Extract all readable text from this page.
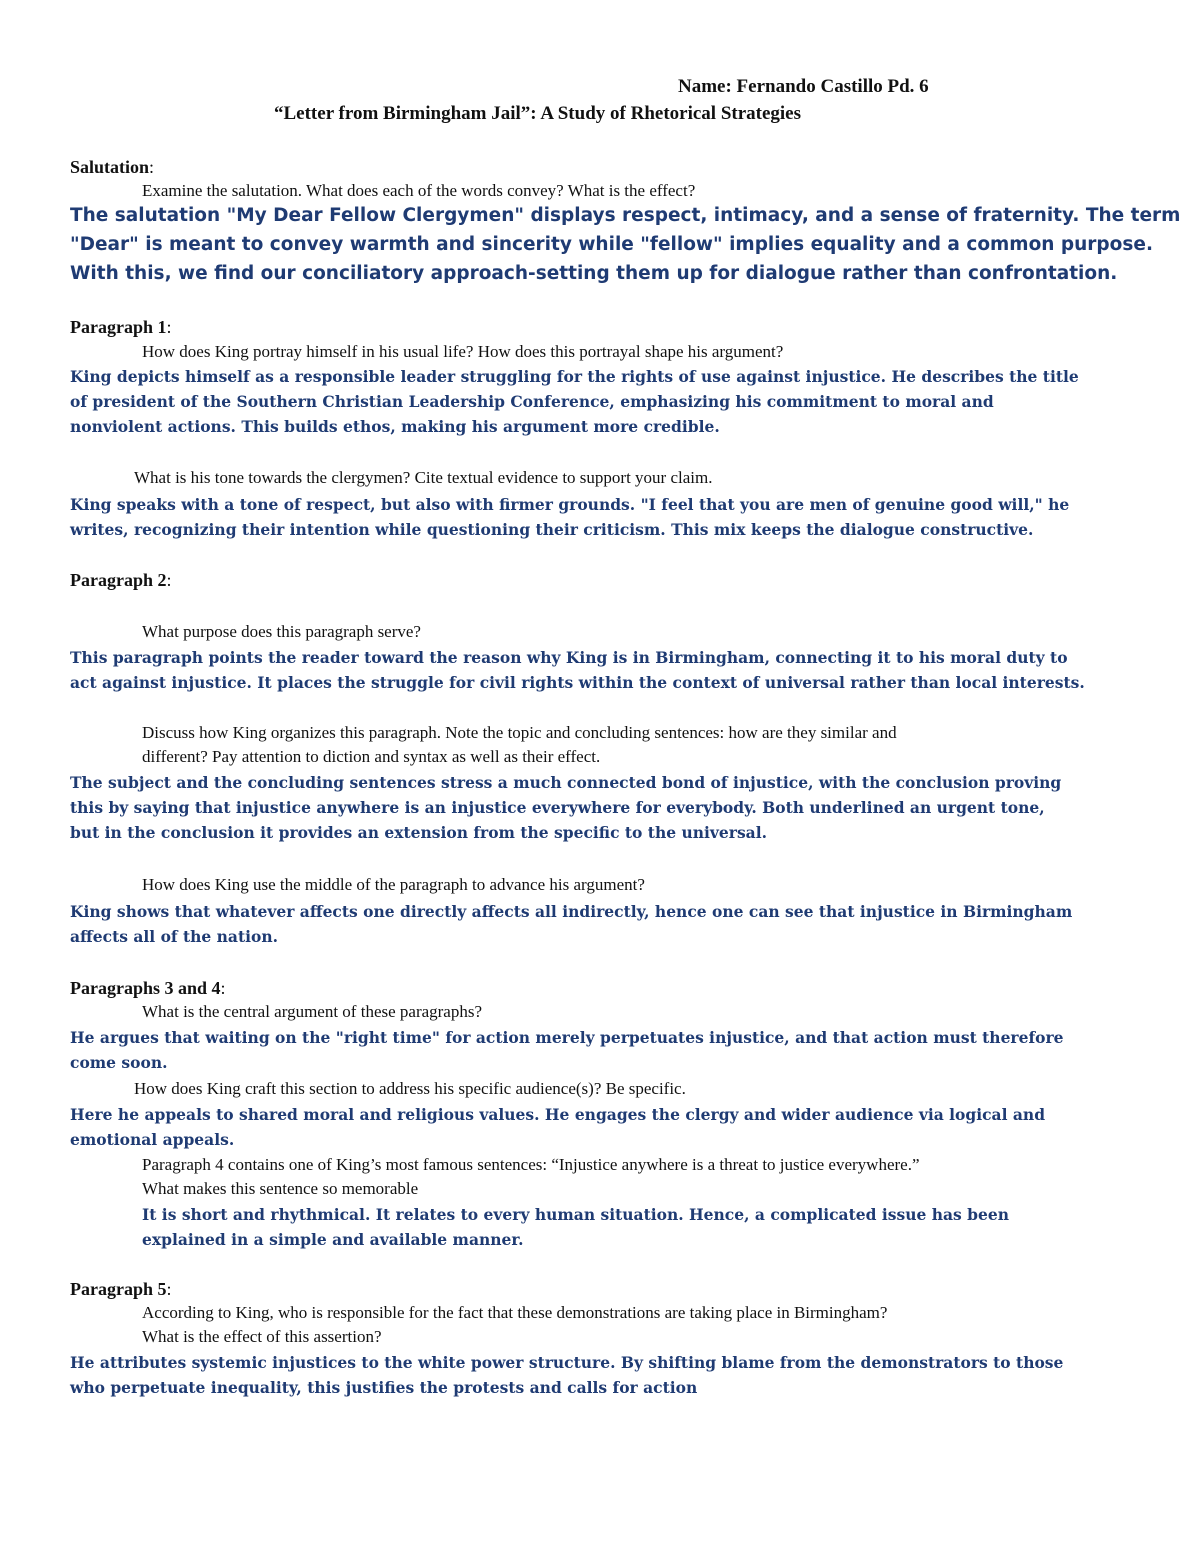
Name: Fernando Castillo Pd. 6
“Letter from Birmingham Jail”: A Study of Rhetorical Strategies
Salutation:
Examine the salutation. What does each of the words convey? What is the effect?
The salutation "My Dear Fellow Clergymen" displays respect, intimacy, and a sense of fraternity. The term
"Dear" is meant to convey warmth and sincerity while "fellow" implies equality and a common purpose.
With this, we find our conciliatory approach-setting them up for dialogue rather than confrontation.
Paragraph 1:
How does King portray himself in his usual life? How does this portrayal shape his argument?
King depicts himself as a responsible leader struggling for the rights of use against injustice. He describes the title
of president of the Southern Christian Leadership Conference, emphasizing his commitment to moral and
nonviolent actions. This builds ethos, making his argument more credible.
What is his tone towards the clergymen? Cite textual evidence to support your claim.
King speaks with a tone of respect, but also with firmer grounds. "I feel that you are men of genuine good will," he
writes, recognizing their intention while questioning their criticism. This mix keeps the dialogue constructive.
Paragraph 2:
What purpose does this paragraph serve?
This paragraph points the reader toward the reason why King is in Birmingham, connecting it to his moral duty to
act against injustice. It places the struggle for civil rights within the context of universal rather than local interests.
Discuss how King organizes this paragraph. Note the topic and concluding sentences: how are they similar and
different? Pay attention to diction and syntax as well as their effect.
The subject and the concluding sentences stress a much connected bond of injustice, with the conclusion proving
this by saying that injustice anywhere is an injustice everywhere for everybody. Both underlined an urgent tone,
but in the conclusion it provides an extension from the specific to the universal.
How does King use the middle of the paragraph to advance his argument?
King shows that whatever affects one directly affects all indirectly, hence one can see that injustice in Birmingham
affects all of the nation.
Paragraphs 3 and 4:
What is the central argument of these paragraphs?
He argues that waiting on the "right time" for action merely perpetuates injustice, and that action must therefore
come soon.
How does King craft this section to address his specific audience(s)? Be specific.
Here he appeals to shared moral and religious values. He engages the clergy and wider audience via logical and
emotional appeals.
Paragraph 4 contains one of King’s most famous sentences: “Injustice anywhere is a threat to justice everywhere.”
What makes this sentence so memorable
It is short and rhythmical. It relates to every human situation. Hence, a complicated issue has been
explained in a simple and available manner.
Paragraph 5:
According to King, who is responsible for the fact that these demonstrations are taking place in Birmingham?
What is the effect of this assertion?
He attributes systemic injustices to the white power structure. By shifting blame from the demonstrators to those
who perpetuate inequality, this justifies the protests and calls for action
